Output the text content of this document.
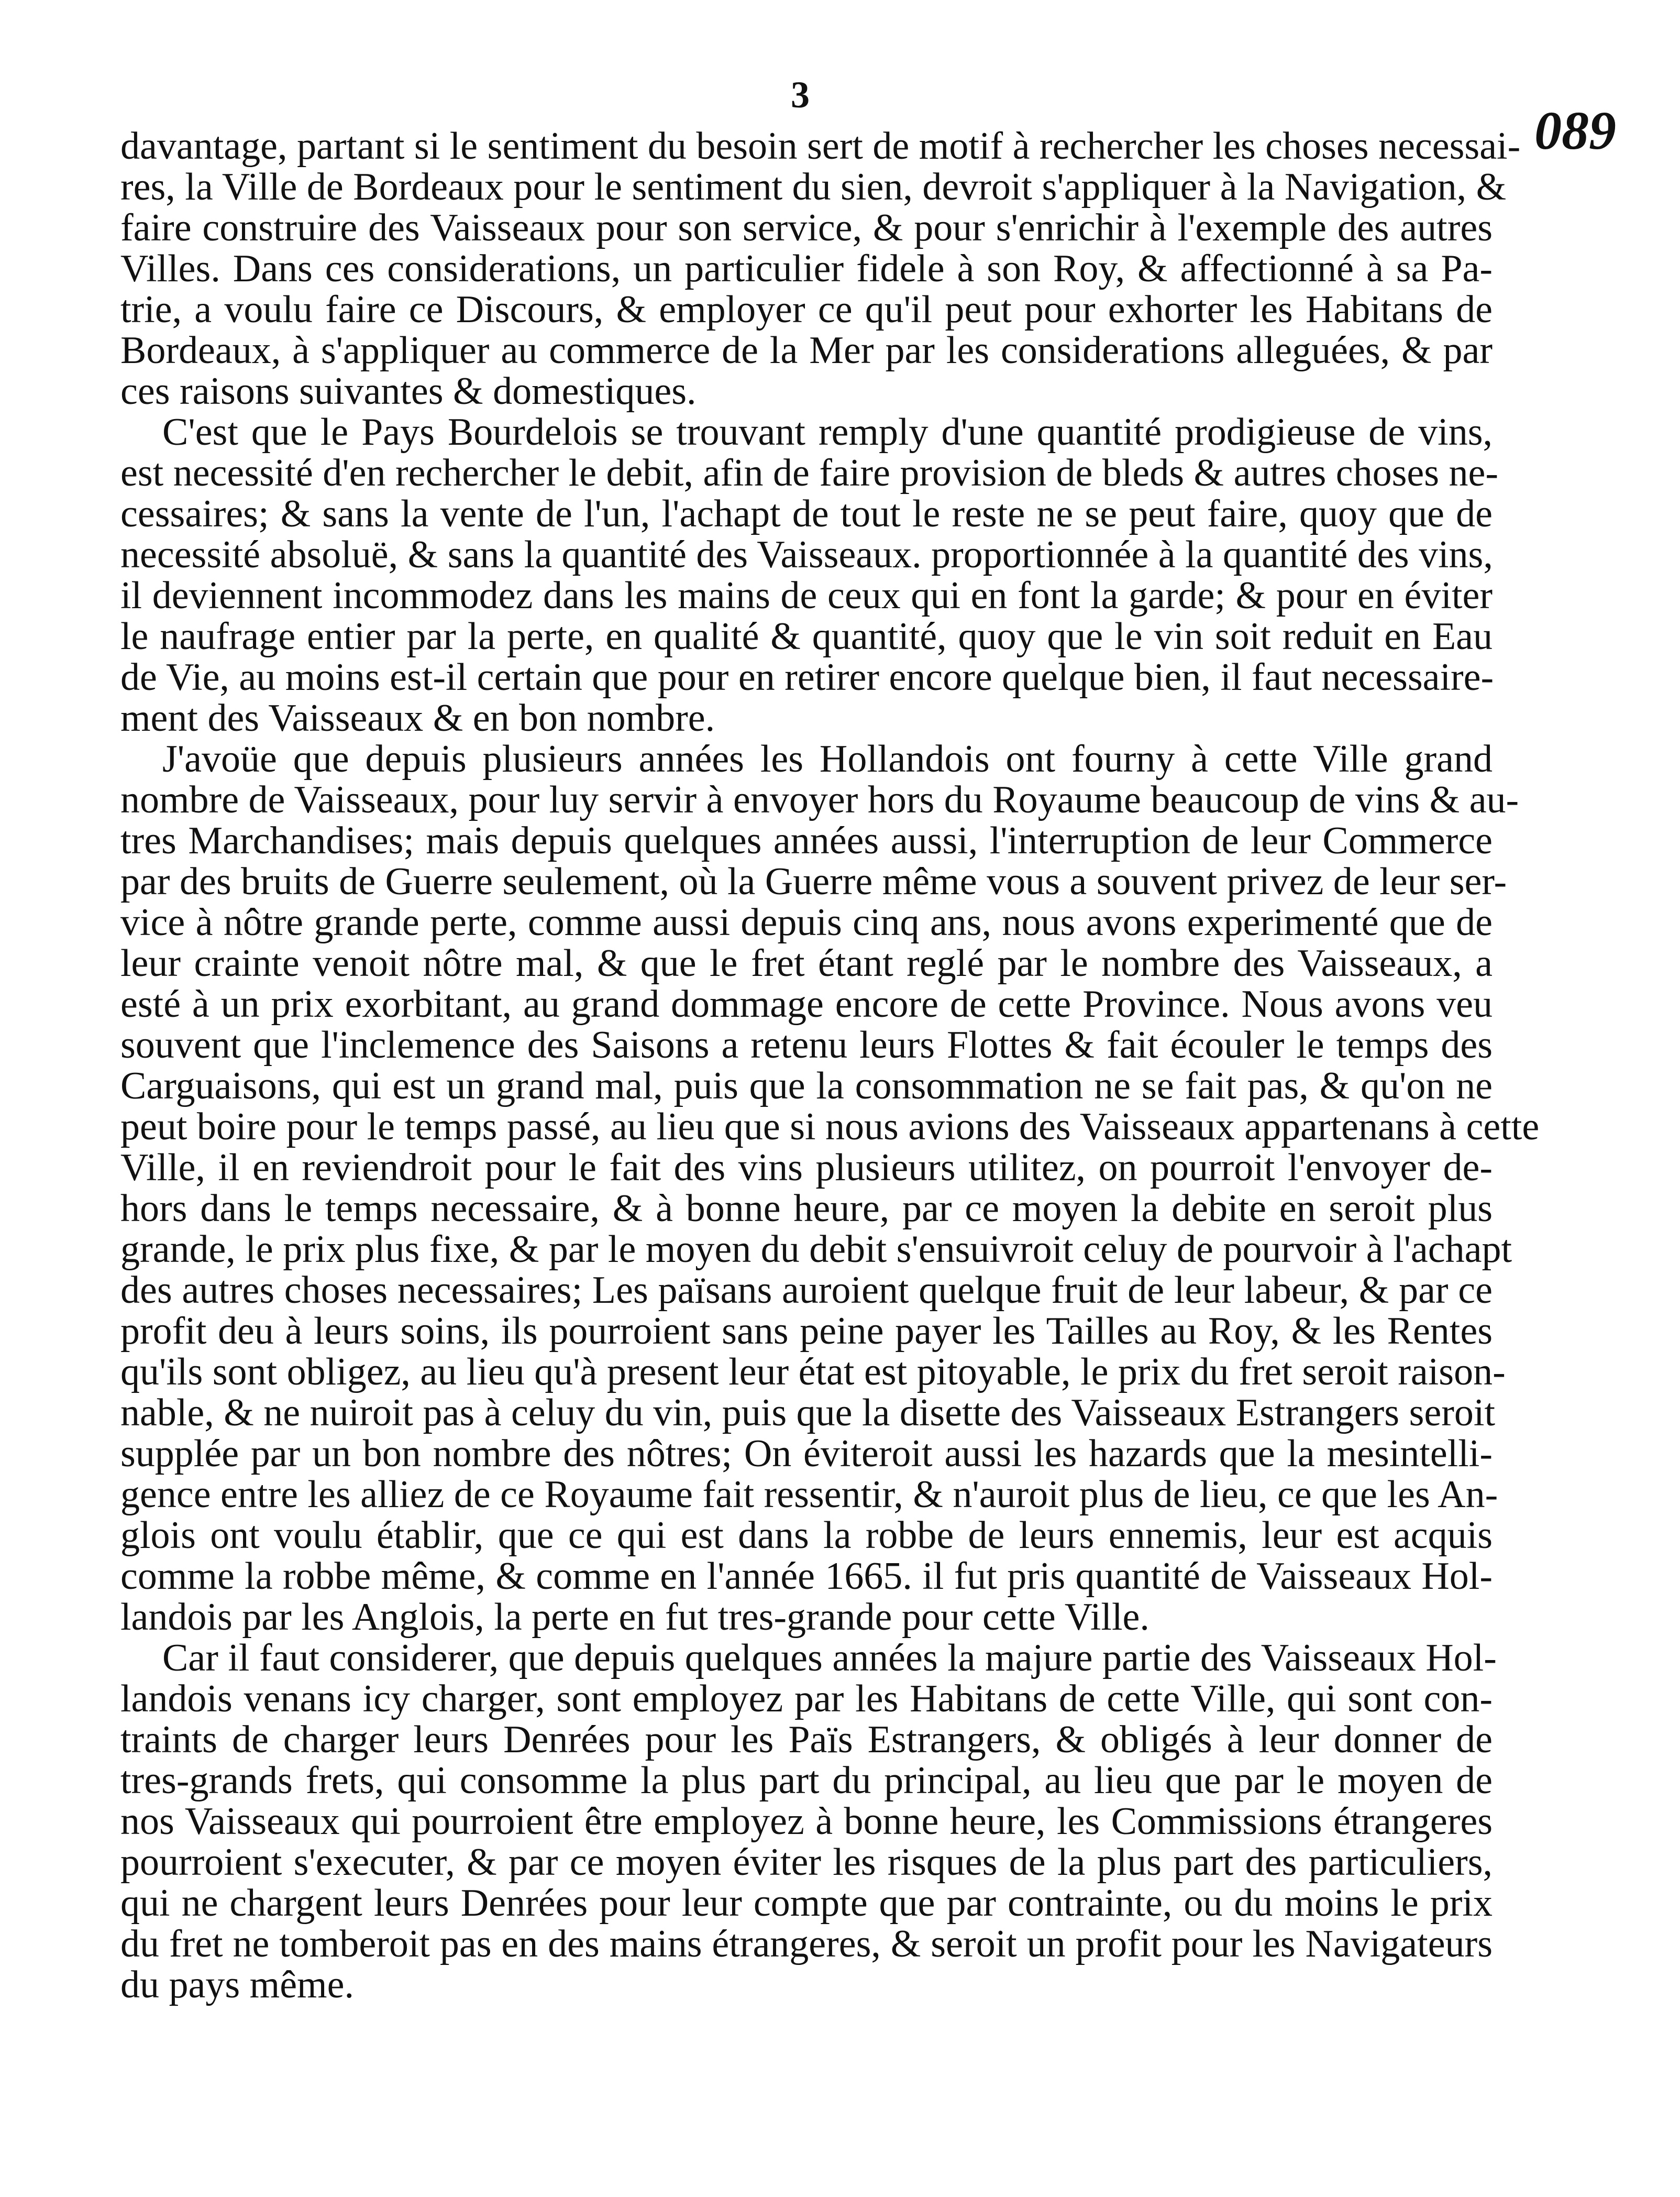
3
089
davantage, partant si le sentiment du besoin sert de motif à rechercher les choses necessai-
res, la Ville de Bordeaux pour le sentiment du sien, devroit s'appliquer à la Navigation, &
faire construire des Vaisseaux pour son service, & pour s'enrichir à l'exemple des autres
Villes. Dans ces considerations, un particulier fidele à son Roy, & affectionné à sa Pa-
trie, a voulu faire ce Discours, & employer ce qu'il peut pour exhorter les Habitans de
Bordeaux, à s'appliquer au commerce de la Mer par les considerations alleguées, & par
ces raisons suivantes & domestiques.
C'est que le Pays Bourdelois se trouvant remply d'une quantité prodigieuse de vins,
est necessité d'en rechercher le debit, afin de faire provision de bleds & autres choses ne-
cessaires; & sans la vente de l'un, l'achapt de tout le reste ne se peut faire, quoy que de
necessité absoluë, & sans la quantité des Vaisseaux. proportionnée à la quantité des vins,
il deviennent incommodez dans les mains de ceux qui en font la garde; & pour en éviter
le naufrage entier par la perte, en qualité & quantité, quoy que le vin soit reduit en Eau
de Vie, au moins est-il certain que pour en retirer encore quelque bien, il faut necessaire-
ment des Vaisseaux & en bon nombre.
J'avoüe que depuis plusieurs années les Hollandois ont fourny à cette Ville grand
nombre de Vaisseaux, pour luy servir à envoyer hors du Royaume beaucoup de vins & au-
tres Marchandises; mais depuis quelques années aussi, l'interruption de leur Commerce
par des bruits de Guerre seulement, où la Guerre même vous a souvent privez de leur ser-
vice à nôtre grande perte, comme aussi depuis cinq ans, nous avons experimenté que de
leur crainte venoit nôtre mal, & que le fret étant reglé par le nombre des Vaisseaux, a
esté à un prix exorbitant, au grand dommage encore de cette Province. Nous avons veu
souvent que l'inclemence des Saisons a retenu leurs Flottes & fait écouler le temps des
Carguaisons, qui est un grand mal, puis que la consommation ne se fait pas, & qu'on ne
peut boire pour le temps passé, au lieu que si nous avions des Vaisseaux appartenans à cette
Ville, il en reviendroit pour le fait des vins plusieurs utilitez, on pourroit l'envoyer de-
hors dans le temps necessaire, & à bonne heure, par ce moyen la debite en seroit plus
grande, le prix plus fixe, & par le moyen du debit s'ensuivroit celuy de pourvoir à l'achapt
des autres choses necessaires; Les païsans auroient quelque fruit de leur labeur, & par ce
profit deu à leurs soins, ils pourroient sans peine payer les Tailles au Roy, & les Rentes
qu'ils sont obligez, au lieu qu'à present leur état est pitoyable, le prix du fret seroit raison-
nable, & ne nuiroit pas à celuy du vin, puis que la disette des Vaisseaux Estrangers seroit
supplée par un bon nombre des nôtres; On éviteroit aussi les hazards que la mesintelli-
gence entre les alliez de ce Royaume fait ressentir, & n'auroit plus de lieu, ce que les An-
glois ont voulu établir, que ce qui est dans la robbe de leurs ennemis, leur est acquis
comme la robbe même, & comme en l'année 1665. il fut pris quantité de Vaisseaux Hol-
landois par les Anglois, la perte en fut tres-grande pour cette Ville.
Car il faut considerer, que depuis quelques années la majure partie des Vaisseaux Hol-
landois venans icy charger, sont employez par les Habitans de cette Ville, qui sont con-
traints de charger leurs Denrées pour les Païs Estrangers, & obligés à leur donner de
tres-grands frets, qui consomme la plus part du principal, au lieu que par le moyen de
nos Vaisseaux qui pourroient être employez à bonne heure, les Commissions étrangeres
pourroient s'executer, & par ce moyen éviter les risques de la plus part des particuliers,
qui ne chargent leurs Denrées pour leur compte que par contrainte, ou du moins le prix
du fret ne tomberoit pas en des mains étrangeres, & seroit un profit pour les Navigateurs
du pays même.
